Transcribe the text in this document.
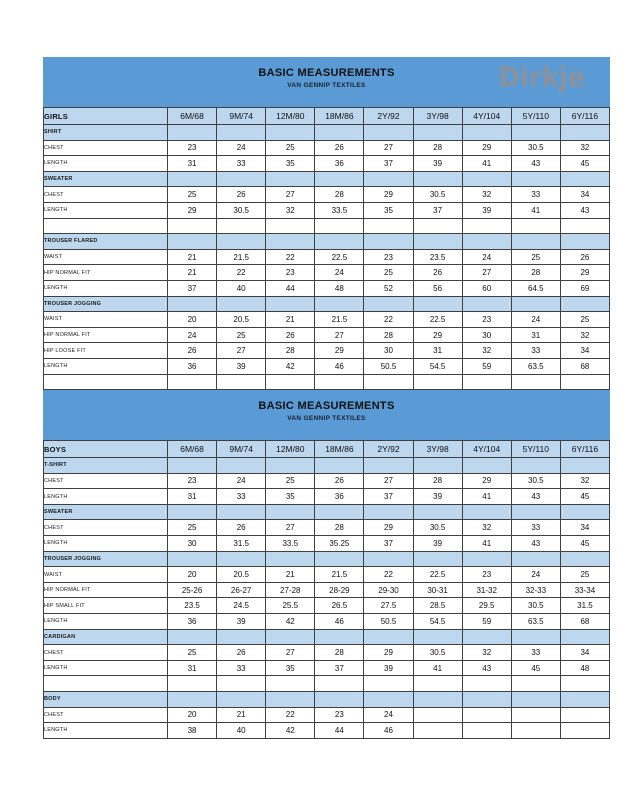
BASIC MEASUREMENTS
VAN GENNIP TEXTILES	Dirkje
GIRLS	6M/68	9M/74	12M/80	18M/86	2Y/92	3Y/98	4Y/104	5Y/110	6Y/116
SHIRT									
CHEST	23	24	25	26	27	28	29	30.5	32
LENGTH	31	33	35	36	37	39	41	43	45
SWEATER									
CHEST	25	26	27	28	29	30.5	32	33	34
LENGTH	29	30.5	32	33.5	35	37	39	41	43

TROUSER FLARED									
WAIST	21	21.5	22	22.5	23	23.5	24	25	26
HIP NORMAL FIT	21	22	23	24	25	26	27	28	29
LENGTH	37	40	44	48	52	56	60	64.5	69
TROUSER JOGGING									
WAIST	20	20.5	21	21.5	22	22.5	23	24	25
HIP NORMAL FIT	24	25	26	27	28	29	30	31	32
HIP LOOSE FIT	26	27	28	29	30	31	32	33	34
LENGTH	36	39	42	46	50.5	54.5	59	63.5	68

BASIC MEASUREMENTS
VAN GENNIP TEXTILES
BOYS	6M/68	9M/74	12M/80	18M/86	2Y/92	3Y/98	4Y/104	5Y/110	6Y/116
T-SHIRT									
CHEST	23	24	25	26	27	28	29	30.5	32
LENGTH	31	33	35	36	37	39	41	43	45
SWEATER									
CHEST	25	26	27	28	29	30.5	32	33	34
LENGTH	30	31.5	33.5	35.25	37	39	41	43	45
TROUSER JOGGING									
WAIST	20	20.5	21	21.5	22	22.5	23	24	25
HIP NORMAL FIT	25-26	26-27	27-28	28-29	29-30	30-31	31-32	32-33	33-34
HIP SMALL FIT	23.5	24.5	25.5	26.5	27.5	28.5	29.5	30.5	31.5
LENGTH	36	39	42	46	50.5	54.5	59	63.5	68
CARDIGAN									
CHEST	25	26	27	28	29	30.5	32	33	34
LENGTH	31	33	35	37	39	41	43	45	48

BODY									
CHEST	20	21	22	23	24				
LENGTH	38	40	42	44	46				
